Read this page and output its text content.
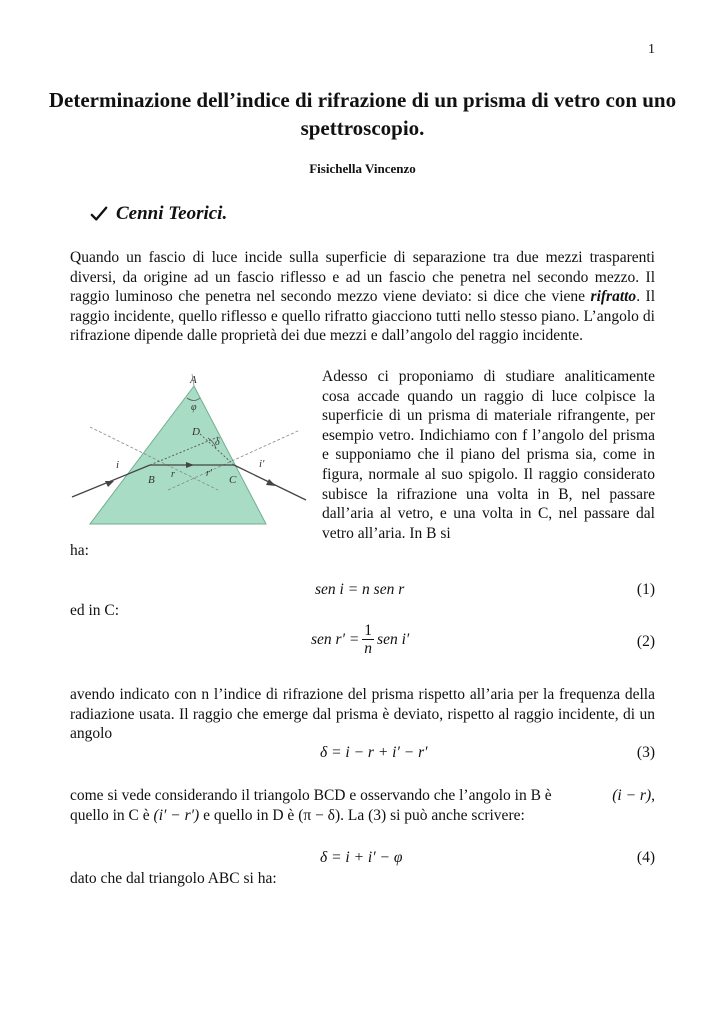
1
Determinazione dell’indice di rifrazione di un prisma di vetro con uno spettroscopio.
Fisichella Vincenzo
Cenni Teorici.

Quando un fascio di luce incide sulla superficie di separazione tra due mezzi trasparenti diversi, da origine ad un fascio riflesso e ad un fascio che penetra nel secondo mezzo. Il raggio luminoso che penetra nel secondo mezzo viene deviato: si dice che viene rifratto. Il raggio incidente, quello riflesso e quello rifratto giacciono tutti nello stesso piano. L’angolo di rifrazione dipende dalle proprietà dei due mezzi e dall’angolo del raggio incidente.

A
φ
D
δ
i	i′
r	r′
B	C
Adesso ci proponiamo di studiare analiticamente cosa accade quando un raggio di luce colpisce la superficie di un prisma di materiale rifrangente, per esempio vetro. Indichiamo con f l’angolo del prisma e supponiamo che il piano del prisma sia, come in figura, normale al suo spigolo. Il raggio considerato subisce la rifrazione una volta in B, nel passare dall’aria al vetro, e una volta in C, nel passare dal vetro all’aria. In B si
ha:
sen i = n sen r	(1)
ed in C:
sen $r' = \frac{1}{n}$ sen i′	(2)
avendo indicato con n l’indice di rifrazione del prisma rispetto all’aria per la frequenza della radiazione usata. Il raggio che emerge dal prisma è deviato, rispetto al raggio incidente, di un angolo
δ = i − r + i′ − r′	(3)
come si vede considerando il triangolo BCD e osservando che l’angolo in B è	(i − r),
quello in C è (i′ − r′) e quello in D è (π − δ). La (3) si può anche scrivere:
δ = i + i′ − φ	(4)
dato che dal triangolo ABC si ha:
